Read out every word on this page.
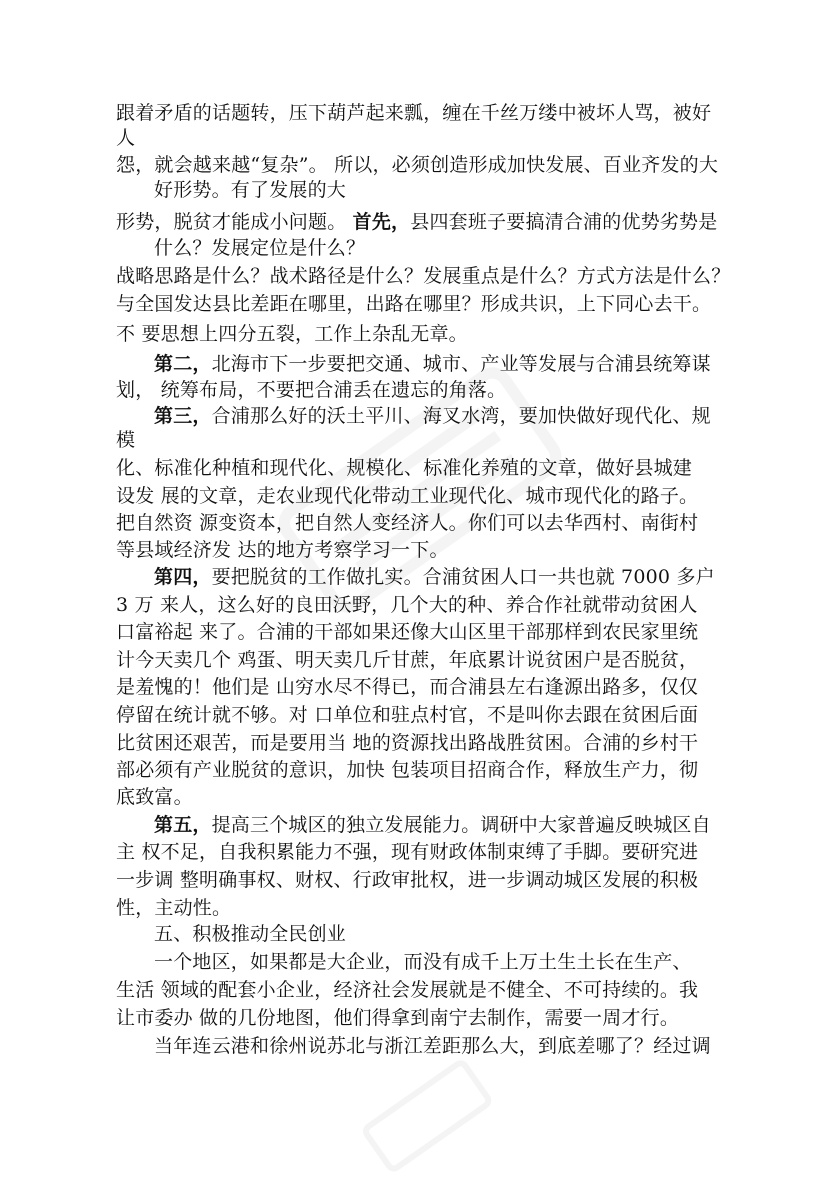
跟着矛盾的话题转，压下葫芦起来瓢，缠在千丝万缕中被坏人骂，被好
人
怨，就会越来越“复杂”。 所以，必须创造形成加快发展、百业齐发的大
好形势。有了发展的大
形势，脱贫才能成小问题。 首先，县四套班子要搞清合浦的优势劣势是
什么？发展定位是什么？
战略思路是什么？战术路径是什么？发展重点是什么？方式方法是什么？
与全国发达县比差距在哪里，出路在哪里？形成共识，上下同心去干。
不 要思想上四分五裂，工作上杂乱无章。
第二，北海市下一步要把交通、城市、产业等发展与合浦县统筹谋
划， 统筹布局，不要把合浦丢在遗忘的角落。
第三，合浦那么好的沃土平川、海叉水湾，要加快做好现代化、规
模
化、标准化种植和现代化、规模化、标准化养殖的文章，做好县城建
设发 展的文章，走农业现代化带动工业现代化、城市现代化的路子。
把自然资 源变资本，把自然人变经济人。你们可以去华西村、南街村
等县域经济发 达的地方考察学习一下。
第四，要把脱贫的工作做扎实。合浦贫困人口一共也就 7000 多户
3 万 来人，这么好的良田沃野，几个大的种、养合作社就带动贫困人
口富裕起 来了。合浦的干部如果还像大山区里干部那样到农民家里统
计今天卖几个 鸡蛋、明天卖几斤甘蔗，年底累计说贫困户是否脱贫，
是羞愧的！他们是 山穷水尽不得已，而合浦县左右逢源出路多，仅仅
停留在统计就不够。对 口单位和驻点村官，不是叫你去跟在贫困后面
比贫困还艰苦，而是要用当 地的资源找出路战胜贫困。合浦的乡村干
部必须有产业脱贫的意识，加快 包装项目招商合作，释放生产力，彻
底致富。
第五，提高三个城区的独立发展能力。调研中大家普遍反映城区自
主 权不足，自我积累能力不强，现有财政体制束缚了手脚。要研究进
一步调 整明确事权、财权、行政审批权，进一步调动城区发展的积极
性，主动性。
五、积极推动全民创业
一个地区，如果都是大企业，而没有成千上万土生土长在生产、
生活 领域的配套小企业，经济社会发展就是不健全、不可持续的。我
让市委办 做的几份地图，他们得拿到南宁去制作，需要一周才行。
当年连云港和徐州说苏北与浙江差距那么大，到底差哪了？经过调
